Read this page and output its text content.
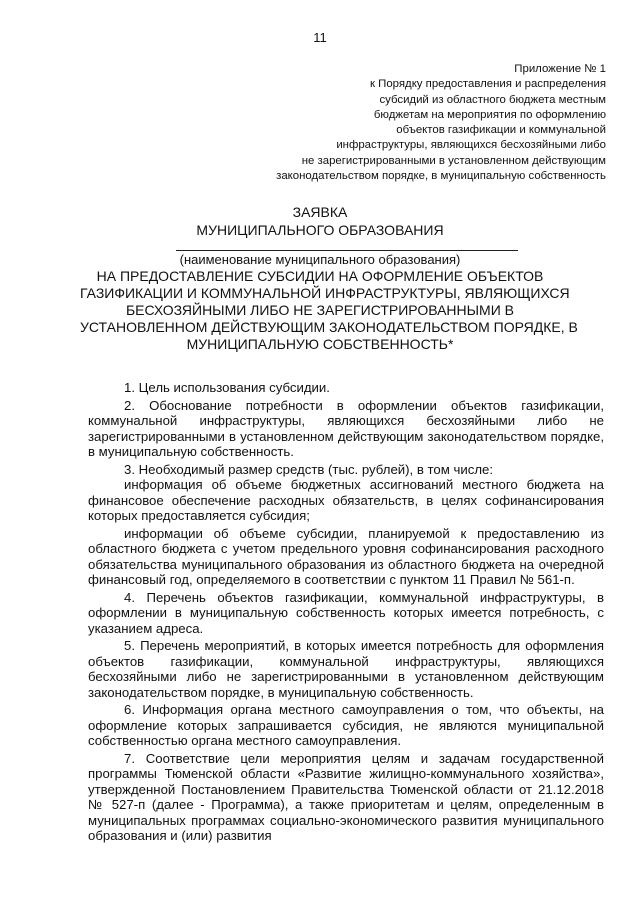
11
Приложение № 1
к Порядку предоставления и распределения
субсидий из областного бюджета местным
бюджетам на мероприятия по оформлению
объектов газификации и коммунальной
инфраструктуры, являющихся бесхозяйными либо
не зарегистрированными в установленном действующим
законодательством порядке, в муниципальную собственность
ЗАЯВКА
МУНИЦИПАЛЬНОГО ОБРАЗОВАНИЯ
(наименование муниципального образования)
НА ПРЕДОСТАВЛЕНИЕ СУБСИДИИ НА ОФОРМЛЕНИЕ ОБЪЕКТОВ
ГАЗИФИКАЦИИ И КОММУНАЛЬНОЙ ИНФРАСТРУКТУРЫ, ЯВЛЯЮЩИХСЯ
БЕСХОЗЯЙНЫМИ ЛИБО НЕ ЗАРЕГИСТРИРОВАННЫМИ В
УСТАНОВЛЕННОМ ДЕЙСТВУЮЩИМ ЗАКОНОДАТЕЛЬСТВОМ ПОРЯДКЕ, В
МУНИЦИПАЛЬНУЮ СОБСТВЕННОСТЬ*

1. Цель использования субсидии.

2. Обоснование потребности в оформлении объектов газификации, коммунальной инфраструктуры, являющихся бесхозяйными либо не зарегистрированными в установленном действующим законодательством порядке, в муниципальную собственность.

3. Необходимый размер средств (тыс. рублей), в том числе:

информация об объеме бюджетных ассигнований местного бюджета на финансовое обеспечение расходных обязательств, в целях софинансирования которых предоставляется субсидия;

информации об объеме субсидии, планируемой к предоставлению из областного бюджета с учетом предельного уровня софинансирования расходного обязательства муниципального образования из областного бюджета на очередной финансовый год, определяемого в соответствии с пунктом 11 Правил № 561-п.

4. Перечень объектов газификации, коммунальной инфраструктуры, в оформлении в муниципальную собственность которых имеется потребность, с указанием адреса.

5. Перечень мероприятий, в которых имеется потребность для оформления объектов газификации, коммунальной инфраструктуры, являющихся бесхозяйными либо не зарегистрированными в установленном действующим законодательством порядке, в муниципальную собственность.

6. Информация органа местного самоуправления о том, что объекты, на оформление которых запрашивается субсидия, не являются муниципальной собственностью органа местного самоуправления.

7. Соответствие цели мероприятия целям и задачам государственной программы Тюменской области «Развитие жилищно-коммунального хозяйства», утвержденной Постановлением Правительства Тюменской области от 21.12.2018 № 527-п (далее - Программа), а также приоритетам и целям, определенным в муниципальных программах социально-экономического развития муниципального образования и (или) развития
